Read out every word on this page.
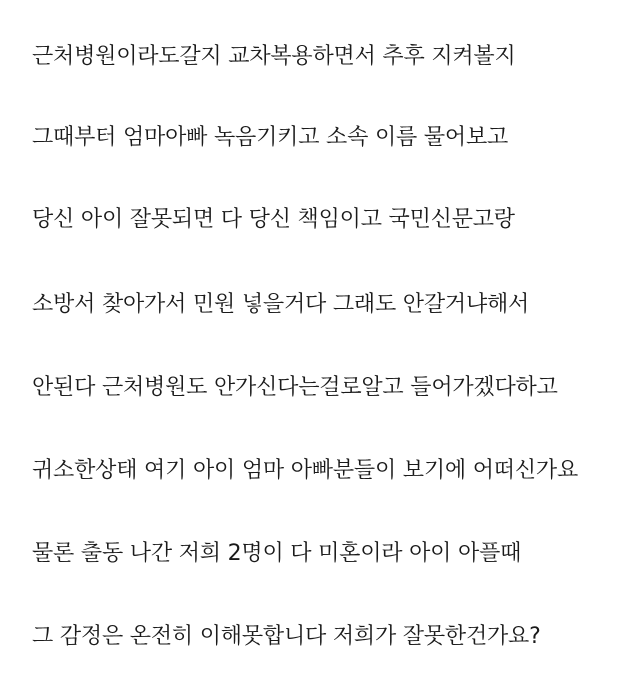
근처병원이라도갈지 교차복용하면서 추후 지켜볼지
그때부터 엄마아빠 녹음기키고 소속 이름 물어보고
당신 아이 잘못되면 다 당신 책임이고 국민신문고랑
소방서 찾아가서 민원 넣을거다 그래도 안갈거냐해서
안된다 근처병원도 안가신다는걸로알고 들어가겠다하고
귀소한상태 여기 아이 엄마 아빠분들이 보기에 어떠신가요
물론 출동 나간 저희 2명이 다 미혼이라 아이 아플때
그 감정은 온전히 이해못합니다 저희가 잘못한건가요?
